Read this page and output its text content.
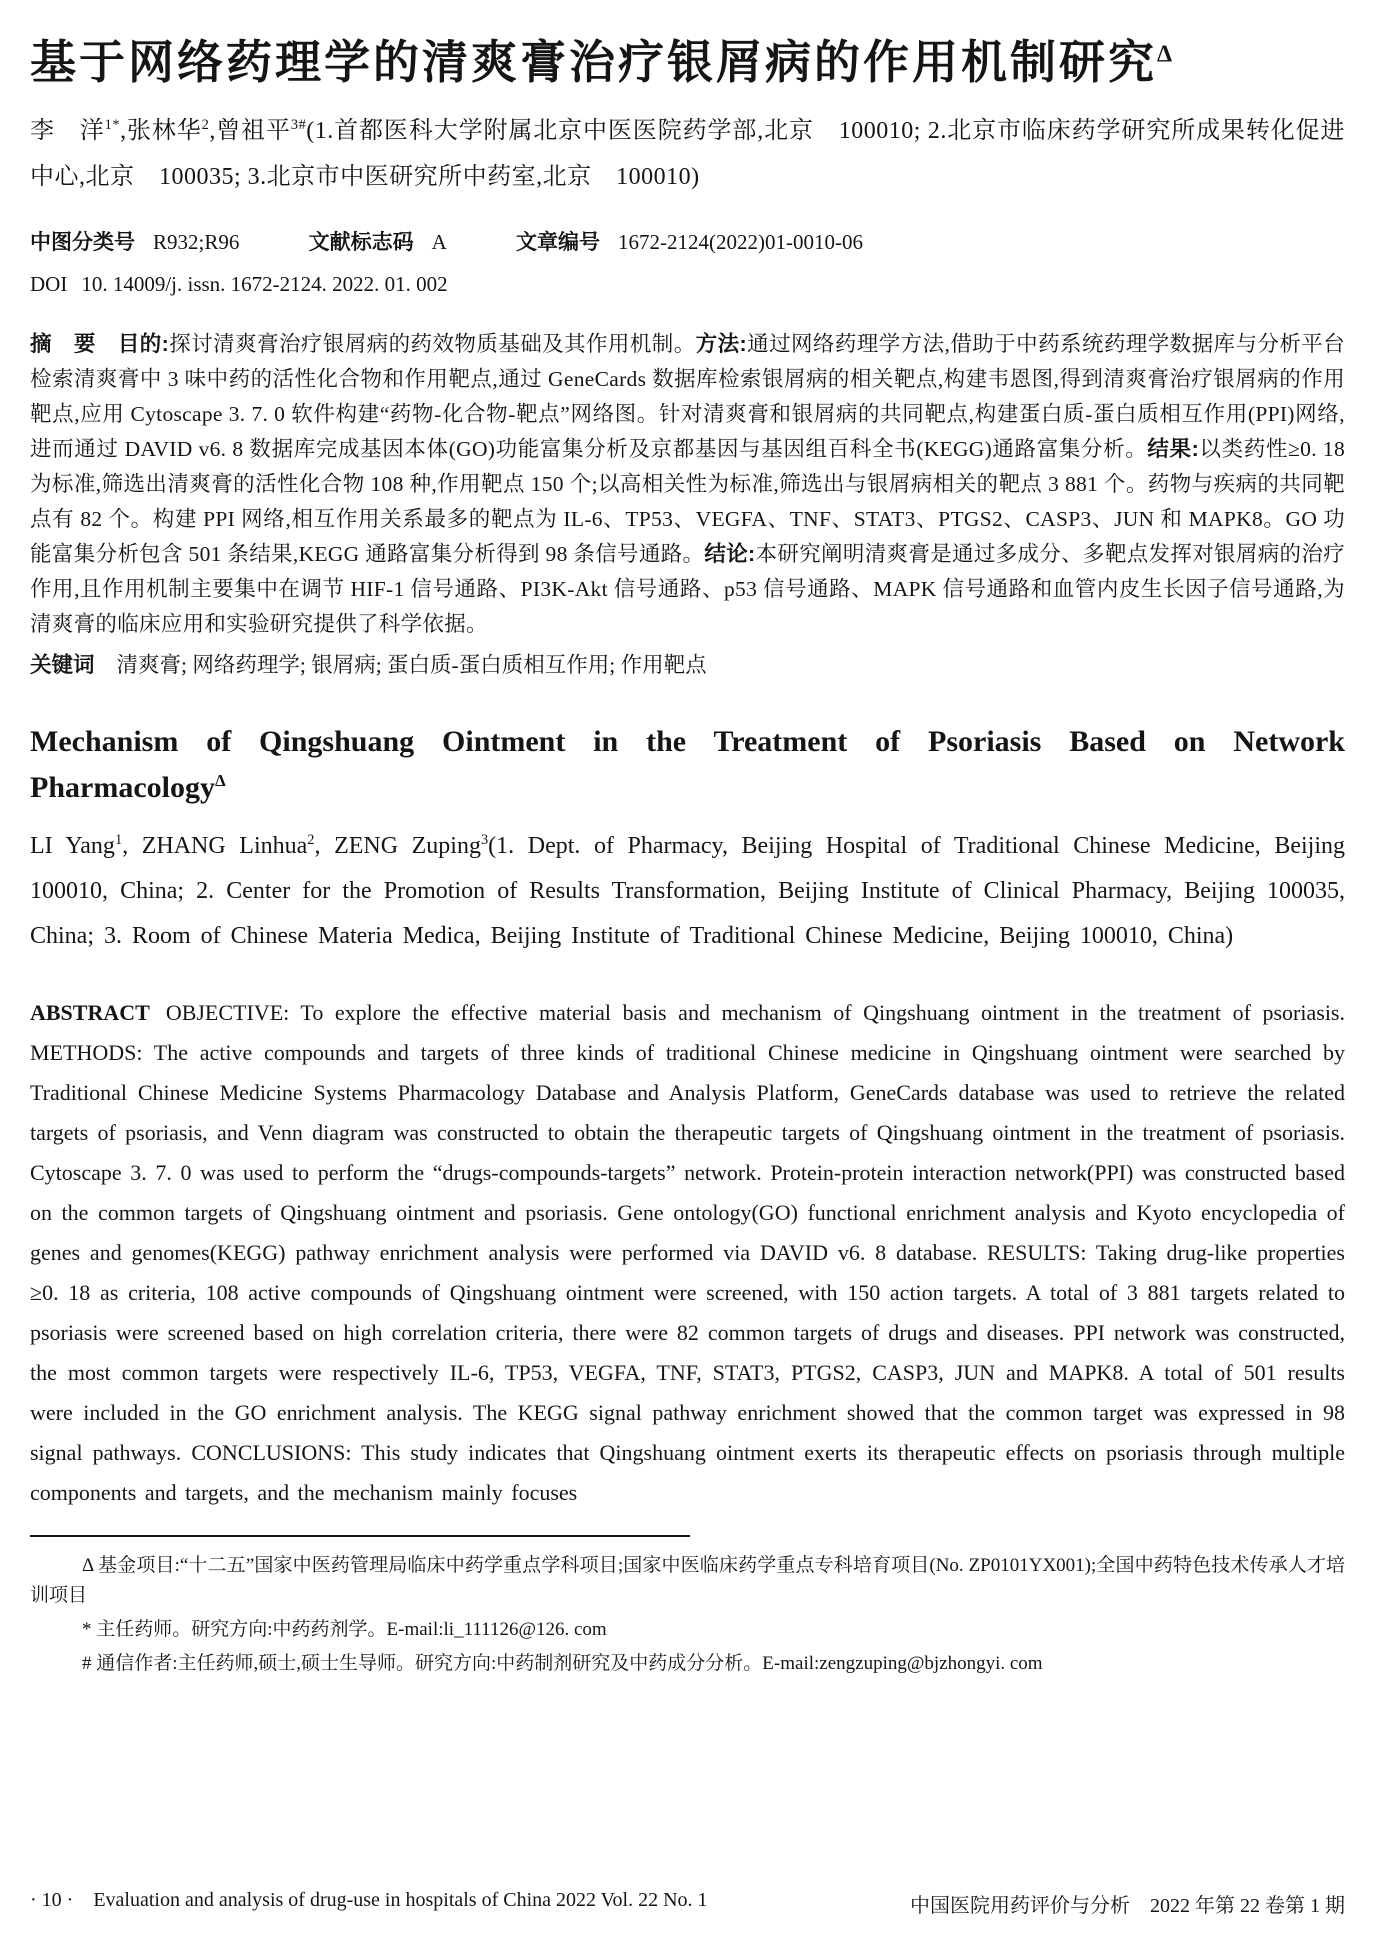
基于网络药理学的清爽膏治疗银屑病的作用机制研究$^\Delta$

李　洋$^{1*}$,张林华$^2$,曾祖平$^{3\#}$(1.首都医科大学附属北京中医医院药学部,北京　100010; 2.北京市临床药学研究所成果转化促进中心,北京　100035; 3.北京市中医研究所中药室,北京　100010)

中图分类号 R932;R96	文献标志码 A	文章编号 1672-2124(2022)01-0010-06
DOI 10. 14009/j. issn. 1672-2124. 2022. 01. 002

摘　要 目的:探讨清爽膏治疗银屑病的药效物质基础及其作用机制。方法:通过网络药理学方法,借助于中药系统药理学数据库与分析平台检索清爽膏中 3 味中药的活性化合物和作用靶点,通过 GeneCards 数据库检索银屑病的相关靶点,构建韦恩图,得到清爽膏治疗银屑病的作用靶点,应用 Cytoscape 3. 7. 0 软件构建“药物-化合物-靶点”网络图。针对清爽膏和银屑病的共同靶点,构建蛋白质-蛋白质相互作用(PPI)网络,进而通过 DAVID v6. 8 数据库完成基因本体(GO)功能富集分析及京都基因与基因组百科全书(KEGG)通路富集分析。结果:以类药性≥0. 18 为标准,筛选出清爽膏的活性化合物 108 种,作用靶点 150 个;以高相关性为标准,筛选出与银屑病相关的靶点 3 881 个。药物与疾病的共同靶点有 82 个。构建 PPI 网络,相互作用关系最多的靶点为 IL-6、TP53、VEGFA、TNF、STAT3、PTGS2、CASP3、JUN 和 MAPK8。GO 功能富集分析包含 501 条结果,KEGG 通路富集分析得到 98 条信号通路。结论:本研究阐明清爽膏是通过多成分、多靶点发挥对银屑病的治疗作用,且作用机制主要集中在调节 HIF-1 信号通路、PI3K-Akt 信号通路、p53 信号通路、MAPK 信号通路和血管内皮生长因子信号通路,为清爽膏的临床应用和实验研究提供了科学依据。

关键词 清爽膏; 网络药理学; 银屑病; 蛋白质-蛋白质相互作用; 作用靶点

Mechanism of Qingshuang Ointment in the Treatment of Psoriasis Based on Network Pharmacology$^\Delta$

LI Yang$^1$, ZHANG Linhua$^2$, ZENG Zuping$^3$(1. Dept. of Pharmacy, Beijing Hospital of Traditional Chinese Medicine, Beijing 100010, China; 2. Center for the Promotion of Results Transformation, Beijing Institute of Clinical Pharmacy, Beijing 100035, China; 3. Room of Chinese Materia Medica, Beijing Institute of Traditional Chinese Medicine, Beijing 100010, China)

ABSTRACT OBJECTIVE: To explore the effective material basis and mechanism of Qingshuang ointment in the treatment of psoriasis. METHODS: The active compounds and targets of three kinds of traditional Chinese medicine in Qingshuang ointment were searched by Traditional Chinese Medicine Systems Pharmacology Database and Analysis Platform, GeneCards database was used to retrieve the related targets of psoriasis, and Venn diagram was constructed to obtain the therapeutic targets of Qingshuang ointment in the treatment of psoriasis. Cytoscape 3. 7. 0 was used to perform the “drugs-compounds-targets” network. Protein-protein interaction network(PPI) was constructed based on the common targets of Qingshuang ointment and psoriasis. Gene ontology(GO) functional enrichment analysis and Kyoto encyclopedia of genes and genomes(KEGG) pathway enrichment analysis were performed via DAVID v6. 8 database. RESULTS: Taking drug-like properties ≥0. 18 as criteria, 108 active compounds of Qingshuang ointment were screened, with 150 action targets. A total of 3 881 targets related to psoriasis were screened based on high correlation criteria, there were 82 common targets of drugs and diseases. PPI network was constructed, the most common targets were respectively IL-6, TP53, VEGFA, TNF, STAT3, PTGS2, CASP3, JUN and MAPK8. A total of 501 results were included in the GO enrichment analysis. The KEGG signal pathway enrichment showed that the common target was expressed in 98 signal pathways. CONCLUSIONS: This study indicates that Qingshuang ointment exerts its therapeutic effects on psoriasis through multiple components and targets, and the mechanism mainly focuses

Δ 基金项目:“十二五”国家中医药管理局临床中药学重点学科项目;国家中医临床药学重点专科培育项目(No. ZP0101YX001);全国中药特色技术传承人才培训项目

* 主任药师。研究方向:中药药剂学。E-mail:li_111126@126. com

# 通信作者:主任药师,硕士,硕士生导师。研究方向:中药制剂研究及中药成分分析。E-mail:zengzuping@bjzhongyi. com

· 10 · Evaluation and analysis of drug-use in hospitals of China 2022 Vol. 22 No. 1	中国医院用药评价与分析　2022 年第 22 卷第 1 期
